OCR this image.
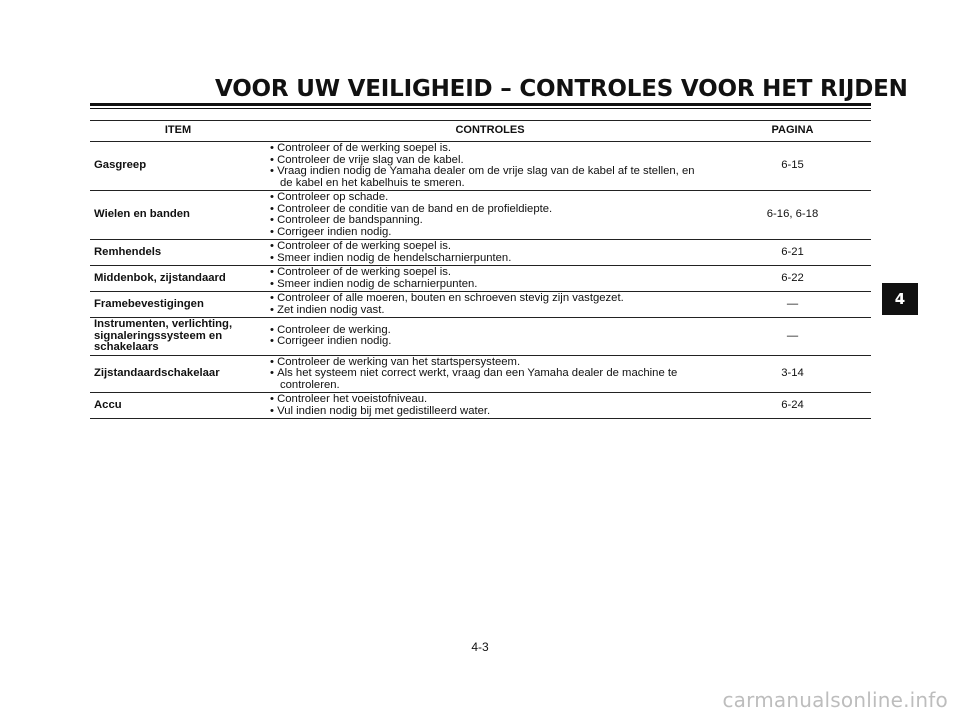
VOOR UW VEILIGHEID – CONTROLES VOOR HET RIJDEN
ITEM	CONTROLES	PAGINA
Gasgreep	• Controleer of de werking soepel is.
• Controleer de vrije slag van de kabel.
• Vraag indien nodig de Yamaha dealer om de vrije slag van de kabel af te stellen, en de kabel en het kabelhuis te smeren.	6-15
Wielen en banden	• Controleer op schade.
• Controleer de conditie van de band en de profieldiepte.
• Controleer de bandspanning.
• Corrigeer indien nodig.	6-16, 6-18
Remhendels	• Controleer of de werking soepel is.
• Smeer indien nodig de hendelscharnierpunten.	6-21
Middenbok, zijstandaard	• Controleer of de werking soepel is.
• Smeer indien nodig de scharnierpunten.	6-22
Framebevestigingen	• Controleer of alle moeren, bouten en schroeven stevig zijn vastgezet.
• Zet indien nodig vast.	—
Instrumenten, verlichting, signaleringssysteem en schakelaars	• Controleer de werking.
• Corrigeer indien nodig.	—
Zijstandaardschakelaar	• Controleer de werking van het startspersysteem.
• Als het systeem niet correct werkt, vraag dan een Yamaha dealer de machine te controleren.	3-14
Accu	• Controleer het voeistofniveau.
• Vul indien nodig bij met gedistilleerd water.	6-24
4
4-3
carmanualsonline.info
